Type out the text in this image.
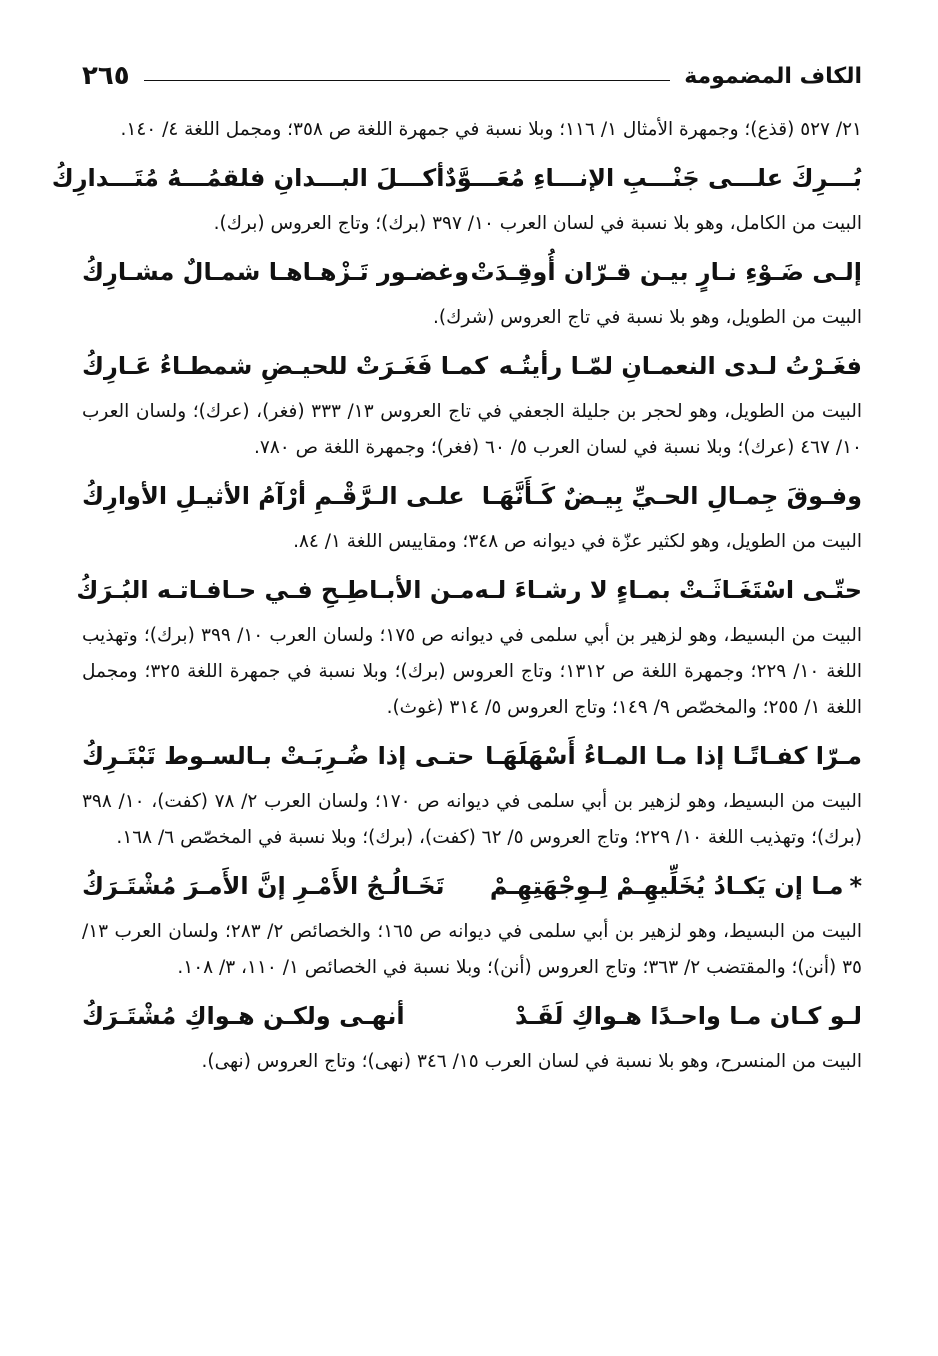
الكاف المضمومة
٢٦٥

٢١/ ٥٢٧ (قذع)؛ وجمهرة الأمثال ١/ ١١٦؛ وبلا نسبة في جمهرة اللغة ص ٣٥٨؛ ومجمل اللغة ٤/ ١٤٠.

بُـــرِكَ علـــى جَنْـــبِ الإنـــاءِ مُعَـــوَّدٌ
أكـــلَ البـــدانِ فلقمُـــهُ مُتَـــدارِكُ

البيت من الكامل، وهو بلا نسبة في لسان العرب ١٠/ ٣٩٧ (برك)؛ وتاج العروس (برك).

إلـى ضَـوْءِ نـارٍ بيـن قـرّان أُوقِـدَتْ
وغضـور تَـزْهـاهـا شمـالٌ مشـارِكُ

البيت من الطويل، وهو بلا نسبة في تاج العروس (شرك).

فغَـرْتُ لـدى النعمـانِ لمّـا رأيتُـه
كمـا فَغَـرَتْ للحيـضِ شمطـاءُ عَـارِكُ

البيت من الطويل، وهو لحجر بن جليلة الجعفي في تاج العروس ١٣/ ٣٣٣ (فغر)، (عرك)؛ ولسان العرب ١٠/ ٤٦٧ (عرك)؛ وبلا نسبة في لسان العرب ٥/ ٦٠ (فغر)؛ وجمهرة اللغة ص ٧٨٠.

وفـوقَ جِمـالِ الحـيِّ بِيـضٌ كَـأَنَّهَـا
علـى الـرَّقْـمِ أرْآمُ الأثيـلِ الأوارِكُ

البيت من الطويل، وهو لكثير عزّة في ديوانه ص ٣٤٨؛ ومقاييس اللغة ١/ ٨٤.

حتّـى اسْتَغَـاثَـتْ بمـاءٍ لا رشـاءَ لـه
مـن الأبـاطِـحِ فـي حـافـاتـه البُـرَكُ

البيت من البسيط، وهو لزهير بن أبي سلمى في ديوانه ص ١٧٥؛ ولسان العرب ١٠/ ٣٩٩ (برك)؛ وتهذيب اللغة ١٠/ ٢٢٩؛ وجمهرة اللغة ص ١٣١٢؛ وتاج العروس (برك)؛ وبلا نسبة في جمهرة اللغة ٣٢٥؛ ومجمل اللغة ١/ ٢٥٥؛ والمخصّص ٩/ ١٤٩؛ وتاج العروس ٥/ ٣١٤ (غوث).

مـرّا كفـاتًـا إذا مـا المـاءُ أَسْهَلَهَـا
حتـى إذا ضُـرِبَـتْ بـالسـوط تَبْتَـرِكُ

البيت من البسيط، وهو لزهير بن أبي سلمى في ديوانه ص ١٧٠؛ ولسان العرب ٢/ ٧٨ (كفت)، ١٠/ ٣٩٨ (برك)؛ وتهذيب اللغة ١٠/ ٢٢٩؛ وتاج العروس ٥/ ٦٢ (كفت)، (برك)؛ وبلا نسبة في المخصّص ٦/ ١٦٨.

*مـا إن يَكـادُ يُخَلِّيهِـمْ لِـوِجْهَتِهِـمْ
تَخَـالُـجُ الأَمْـرِ إنَّ الأَمـرَ مُشْتَـرَكُ

البيت من البسيط، وهو لزهير بن أبي سلمى في ديوانه ص ١٦٥؛ والخصائص ٢/ ٢٨٣؛ ولسان العرب ١٣/ ٣٥ (أنن)؛ والمقتضب ٢/ ٣٦٣؛ وتاج العروس (أنن)؛ وبلا نسبة في الخصائص ١/ ١١٠، ٣/ ١٠٨.

لـو كـان مـا واحـدًا هـواكِ لَقَـدْ
أنهـى ولكـن هـواكِ مُشْتَـرَكُ

البيت من المنسرح، وهو بلا نسبة في لسان العرب ١٥/ ٣٤٦ (نهى)؛ وتاج العروس (نهى).
